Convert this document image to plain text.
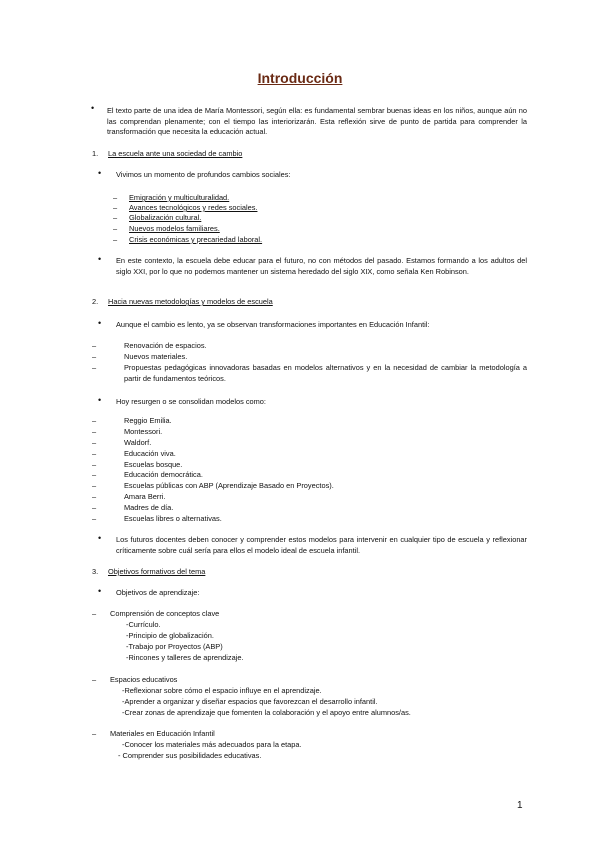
Introducción
• El texto parte de una idea de María Montessori, según ella: es fundamental sembrar buenas ideas en los niños, aunque aún no las comprendan plenamente; con el tiempo las interiorizarán. Esta reflexión sirve de punto de partida para comprender la transformación que necesita la educación actual.
1. La escuela ante una sociedad de cambio
• Vivimos un momento de profundos cambios sociales:
– Emigración y multiculturalidad.
– Avances tecnológicos y redes sociales.
– Globalización cultural.
– Nuevos modelos familiares.
– Crisis económicas y precariedad laboral.
• En este contexto, la escuela debe educar para el futuro, no con métodos del pasado. Estamos formando a los adultos del siglo XXI, por lo que no podemos mantener un sistema heredado del siglo XIX, como señala Ken Robinson.
2. Hacia nuevas metodologías y modelos de escuela
• Aunque el cambio es lento, ya se observan transformaciones importantes en Educación Infantil:
–	Renovación de espacios.
–	Nuevos materiales.
–	Propuestas pedagógicas innovadoras basadas en modelos alternativos y en la necesidad de cambiar la metodología a partir de fundamentos teóricos.
• Hoy resurgen o se consolidan modelos como:
–	Reggio Emilia.
–	Montessori.
–	Waldorf.
–	Educación viva.
–	Escuelas bosque.
–	Educación democrática.
–	Escuelas públicas con ABP (Aprendizaje Basado en Proyectos).
–	Amara Berri.
–	Madres de día.
–	Escuelas libres o alternativas.
• Los futuros docentes deben conocer y comprender estos modelos para intervenir en cualquier tipo de escuela y reflexionar críticamente sobre cuál sería para ellos el modelo ideal de escuela infantil.
3. Objetivos formativos del tema
• Objetivos de aprendizaje:
– Comprensión de conceptos clave
-Currículo.
-Principio de globalización.
-Trabajo por Proyectos (ABP)
-Rincones y talleres de aprendizaje.
– Espacios educativos
-Reflexionar sobre cómo el espacio influye en el aprendizaje.
-Aprender a organizar y diseñar espacios que favorezcan el desarrollo infantil.
-Crear zonas de aprendizaje que fomenten la colaboración y el apoyo entre alumnos/as.
– Materiales en Educación Infantil
-Conocer los materiales más adecuados para la etapa.
- Comprender sus posibilidades educativas.
1
